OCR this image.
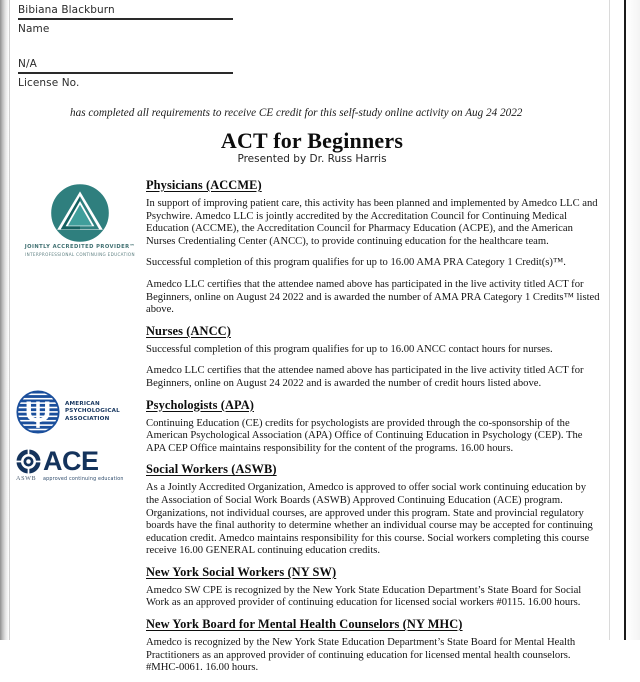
Bibiana Blackburn
Name
N/A
License No.
has completed all requirements to receive CE credit for this self-study online activity on Aug 24 2022
ACT for Beginners
Presented by Dr. Russ Harris
JOINTLY ACCREDITED PROVIDER™
INTERPROFESSIONAL CONTINUING EDUCATION
AMERICAN
PSYCHOLOGICAL
ASSOCIATION
ACE
ASWB	approved continuing education
Physicians (ACCME)
In support of improving patient care, this activity has been planned and implemented by Amedco LLC and Psychwire. Amedco LLC is jointly accredited by the Accreditation Council for Continuing Medical Education (ACCME), the Accreditation Council for Pharmacy Education (ACPE), and the American Nurses Credentialing Center (ANCC), to provide continuing education for the healthcare team.
Successful completion of this program qualifies for up to 16.00 AMA PRA Category 1 Credit(s)™.
Amedco LLC certifies that the attendee named above has participated in the live activity titled ACT for Beginners, online on August 24 2022 and is awarded the number of AMA PRA Category 1 Credits™ listed above.
Nurses (ANCC)
Successful completion of this program qualifies for up to 16.00 ANCC contact hours for nurses.
Amedco LLC certifies that the attendee named above has participated in the live activity titled ACT for Beginners, online on August 24 2022 and is awarded the number of credit hours listed above.
Psychologists (APA)
Continuing Education (CE) credits for psychologists are provided through the co-sponsorship of the American Psychological Association (APA) Office of Continuing Education in Psychology (CEP). The APA CEP Office maintains responsibility for the content of the programs. 16.00 hours.
Social Workers (ASWB)
As a Jointly Accredited Organization, Amedco is approved to offer social work continuing education by the Association of Social Work Boards (ASWB) Approved Continuing Education (ACE) program. Organizations, not individual courses, are approved under this program. State and provincial regulatory boards have the final authority to determine whether an individual course may be accepted for continuing education credit. Amedco maintains responsibility for this course. Social workers completing this course receive 16.00 GENERAL continuing education credits.
New York Social Workers (NY SW)
Amedco SW CPE is recognized by the New York State Education Department’s State Board for Social Work as an approved provider of continuing education for licensed social workers #0115. 16.00 hours.
New York Board for Mental Health Counselors (NY MHC)
Amedco is recognized by the New York State Education Department’s State Board for Mental Health Practitioners as an approved provider of continuing education for licensed mental health counselors. #MHC-0061. 16.00 hours.
